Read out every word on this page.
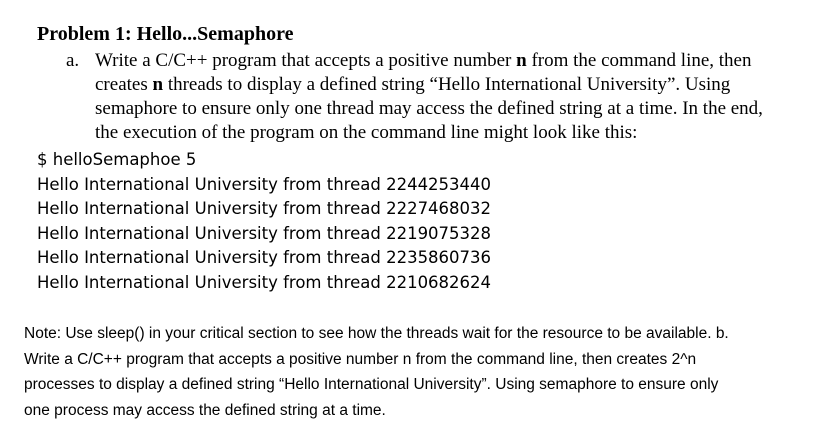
Problem 1: Hello...Semaphore
a. Write a C/C++ program that accepts a positive number n from the command line, then
creates n threads to display a defined string “Hello International University”. Using
semaphore to ensure only one thread may access the defined string at a time. In the end,
the execution of the program on the command line might look like this:
$ helloSemaphoe 5
Hello International University from thread 2244253440
Hello International University from thread 2227468032
Hello International University from thread 2219075328
Hello International University from thread 2235860736
Hello International University from thread 2210682624
Note: Use sleep() in your critical section to see how the threads wait for the resource to be available. b.
Write a C/C++ program that accepts a positive number n from the command line, then creates 2^n
processes to display a defined string “Hello International University”. Using semaphore to ensure only
one process may access the defined string at a time.
